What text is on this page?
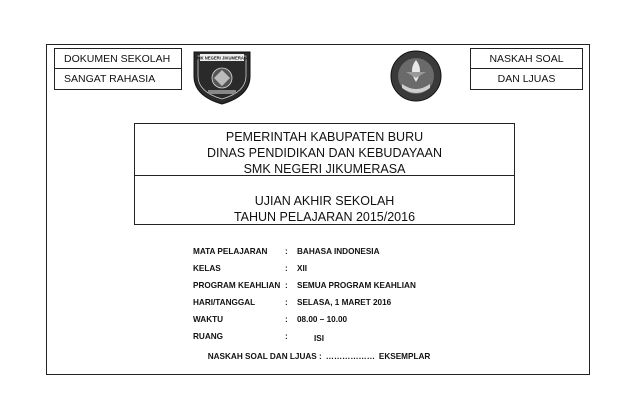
DOKUMEN SEKOLAH
SANGAT RAHASIA
NASKAH SOAL
DAN LJUAS
SMK NEGERI JIKUMERASA
PEMERINTAH KABUPATEN BURU
DINAS PENDIDIKAN DAN KEBUDAYAAN
SMK NEGERI JIKUMERASA
UJIAN AKHIR SEKOLAH
TAHUN PELAJARAN 2015/2016
MATA PELAJARAN	:	BAHASA INDONESIA
KELAS	:	XII
PROGRAM KEAHLIAN :	SEMUA PROGRAM KEAHLIAN
HARI/TANGGAL	:	SELASA, 1 MARET 2016
WAKTU	:	08.00 – 10.00
RUANG	:	ISI
NASKAH SOAL DAN LJUAS : ……………… EKSEMPLAR
